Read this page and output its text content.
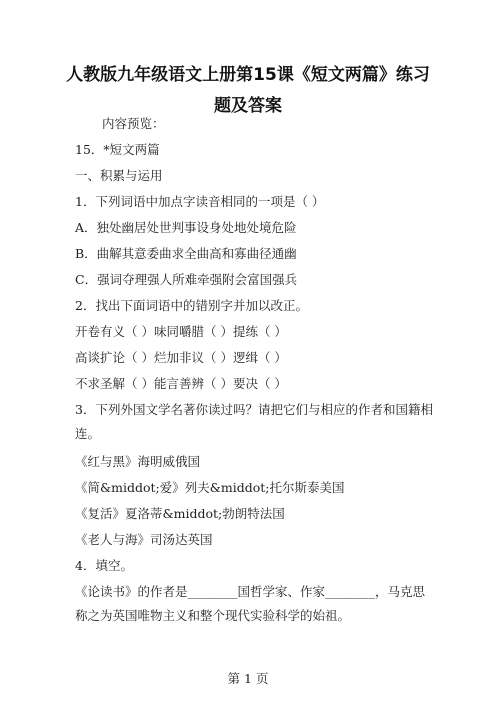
人教版九年级语文上册第15课《短文两篇》练习题及答案
内容预览：
15．*短文两篇
一、积累与运用
1．下列词语中加点字读音相同的一项是（ ）
A．独处幽居处世判事设身处地处境危险
B．曲解其意委曲求全曲高和寡曲径通幽
C．强词夺理强人所难牵强附会富国强兵
2．找出下面词语中的错别字并加以改正。
开卷有义（ ）味同嚼腊（ ）提练（ ）
高谈扩论（ ）烂加非议（ ）逻缉（ ）
不求圣解（ ）能言善辨（ ）要决（ ）
3．下列外国文学名著你读过吗？请把它们与相应的作者和国籍相连。
《红与黑》海明威俄国
《简&middot;爱》列夫&middot;托尔斯泰美国
《复活》夏洛蒂&middot;勃朗特法国
《老人与海》司汤达英国
4．填空。
《论读书》的作者是________国哲学家、作家________，马克思称之为英国唯物主义和整个现代实验科学的始祖。
第 1 页
